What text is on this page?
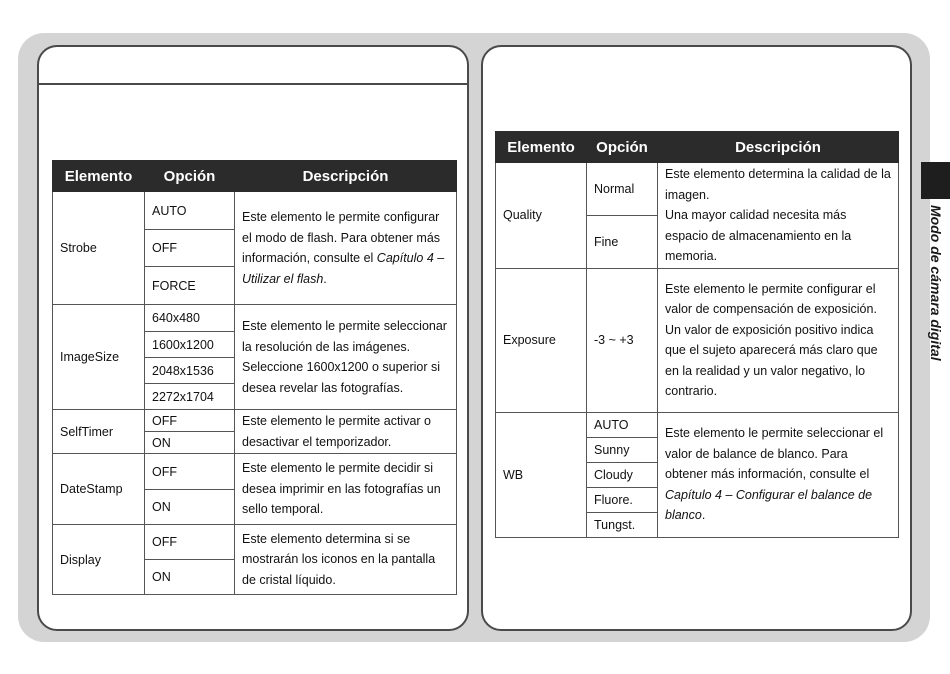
Elemento	Opción	Descripción
Strobe	AUTO	Este elemento le permite configurar el modo de flash. Para obtener más información, consulte el Capítulo 4 – Utilizar el flash.
	OFF	
	FORCE	
ImageSize	640x480	Este elemento le permite seleccionar la resolución de las imágenes. Seleccione 1600x1200 o superior si desea revelar las fotografías.
	1600x1200	
	2048x1536	
	2272x1704	
SelfTimer	OFF	Este elemento le permite activar o desactivar el temporizador.
	ON	
DateStamp	OFF	Este elemento le permite decidir si desea imprimir en las fotografías un sello temporal.
	ON	
Display	OFF	Este elemento determina si se mostrarán los iconos en la pantalla de cristal líquido.
	ON	
Elemento	Opción	Descripción
Quality	Normal	Este elemento determina la calidad de la imagen.
Una mayor calidad necesita más espacio de almacenamiento en la memoria.

	Fine	
Exposure	-3 ~ +3	Este elemento le permite configurar el valor de compensación de exposición. Un valor de exposición positivo indica que el sujeto aparecerá más claro que en la realidad y un valor negativo, lo contrario.
WB	AUTO	Este elemento le permite seleccionar el valor de balance de blanco. Para obtener más información, consulte el Capítulo 4 – Configurar el balance de blanco.
	Sunny	
	Cloudy	
	Fluore.	
	Tungst.	
Modo de cámara digital
